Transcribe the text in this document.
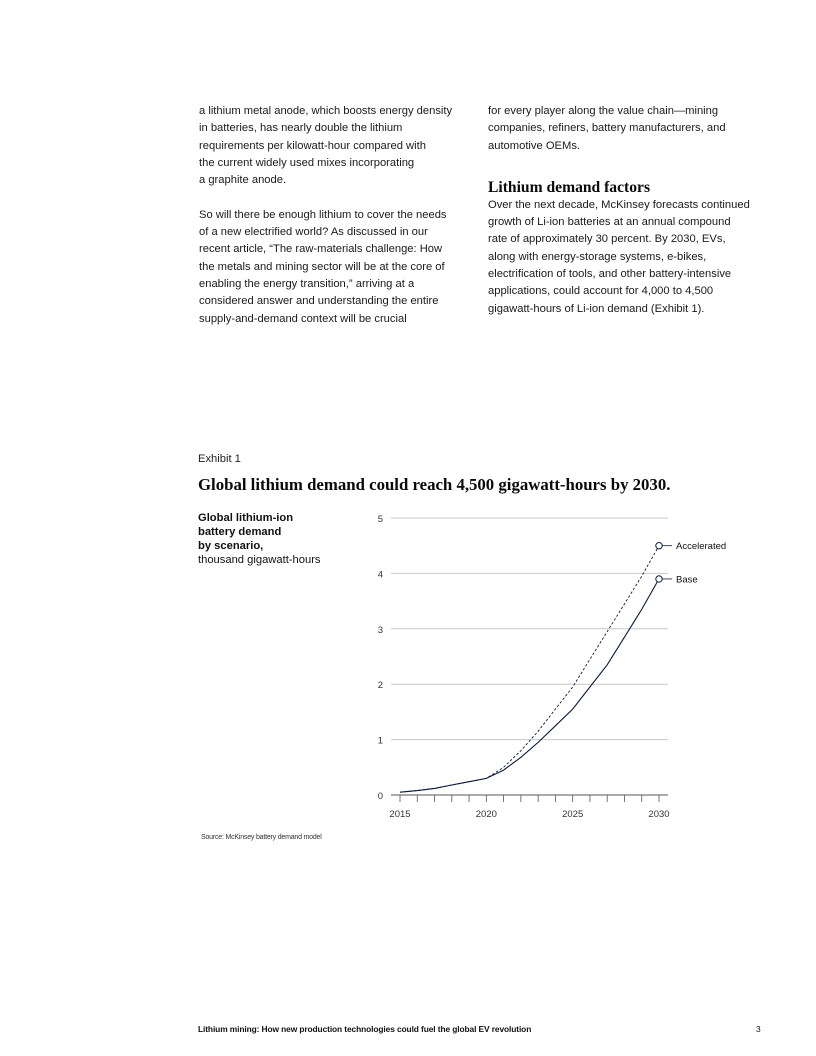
a lithium metal anode, which boosts energy density
in batteries, has nearly double the lithium
requirements per kilowatt-hour compared with
the current widely used mixes incorporating
a graphite anode.

So will there be enough lithium to cover the needs
of a new electrified world? As discussed in our
recent article, “The raw-materials challenge: How
the metals and mining sector will be at the core of
enabling the energy transition,” arriving at a
considered answer and understanding the entire
supply-and-demand context will be crucial

for every player along the value chain—mining
companies, refiners, battery manufacturers, and
automotive OEMs.

Lithium demand factors

Over the next decade, McKinsey forecasts continued
growth of Li-ion batteries at an annual compound
rate of approximately 30 percent. By 2030, EVs,
along with energy-storage systems, e-bikes,
electrification of tools, and other battery-intensive
applications, could account for 4,000 to 4,500
gigawatt-hours of Li-ion demand (Exhibit 1).

Exhibit 1
Global lithium demand could reach 4,500 gigawatt-hours by 2030.
Global lithium-ion
battery demand
by scenario,
thousand gigawatt-hours
0
1
2
3
4
5
2015	2020	2025	2030
Accelerated
Base
Source: McKinsey battery demand model
Lithium mining: How new production technologies could fuel the global EV revolution	3
